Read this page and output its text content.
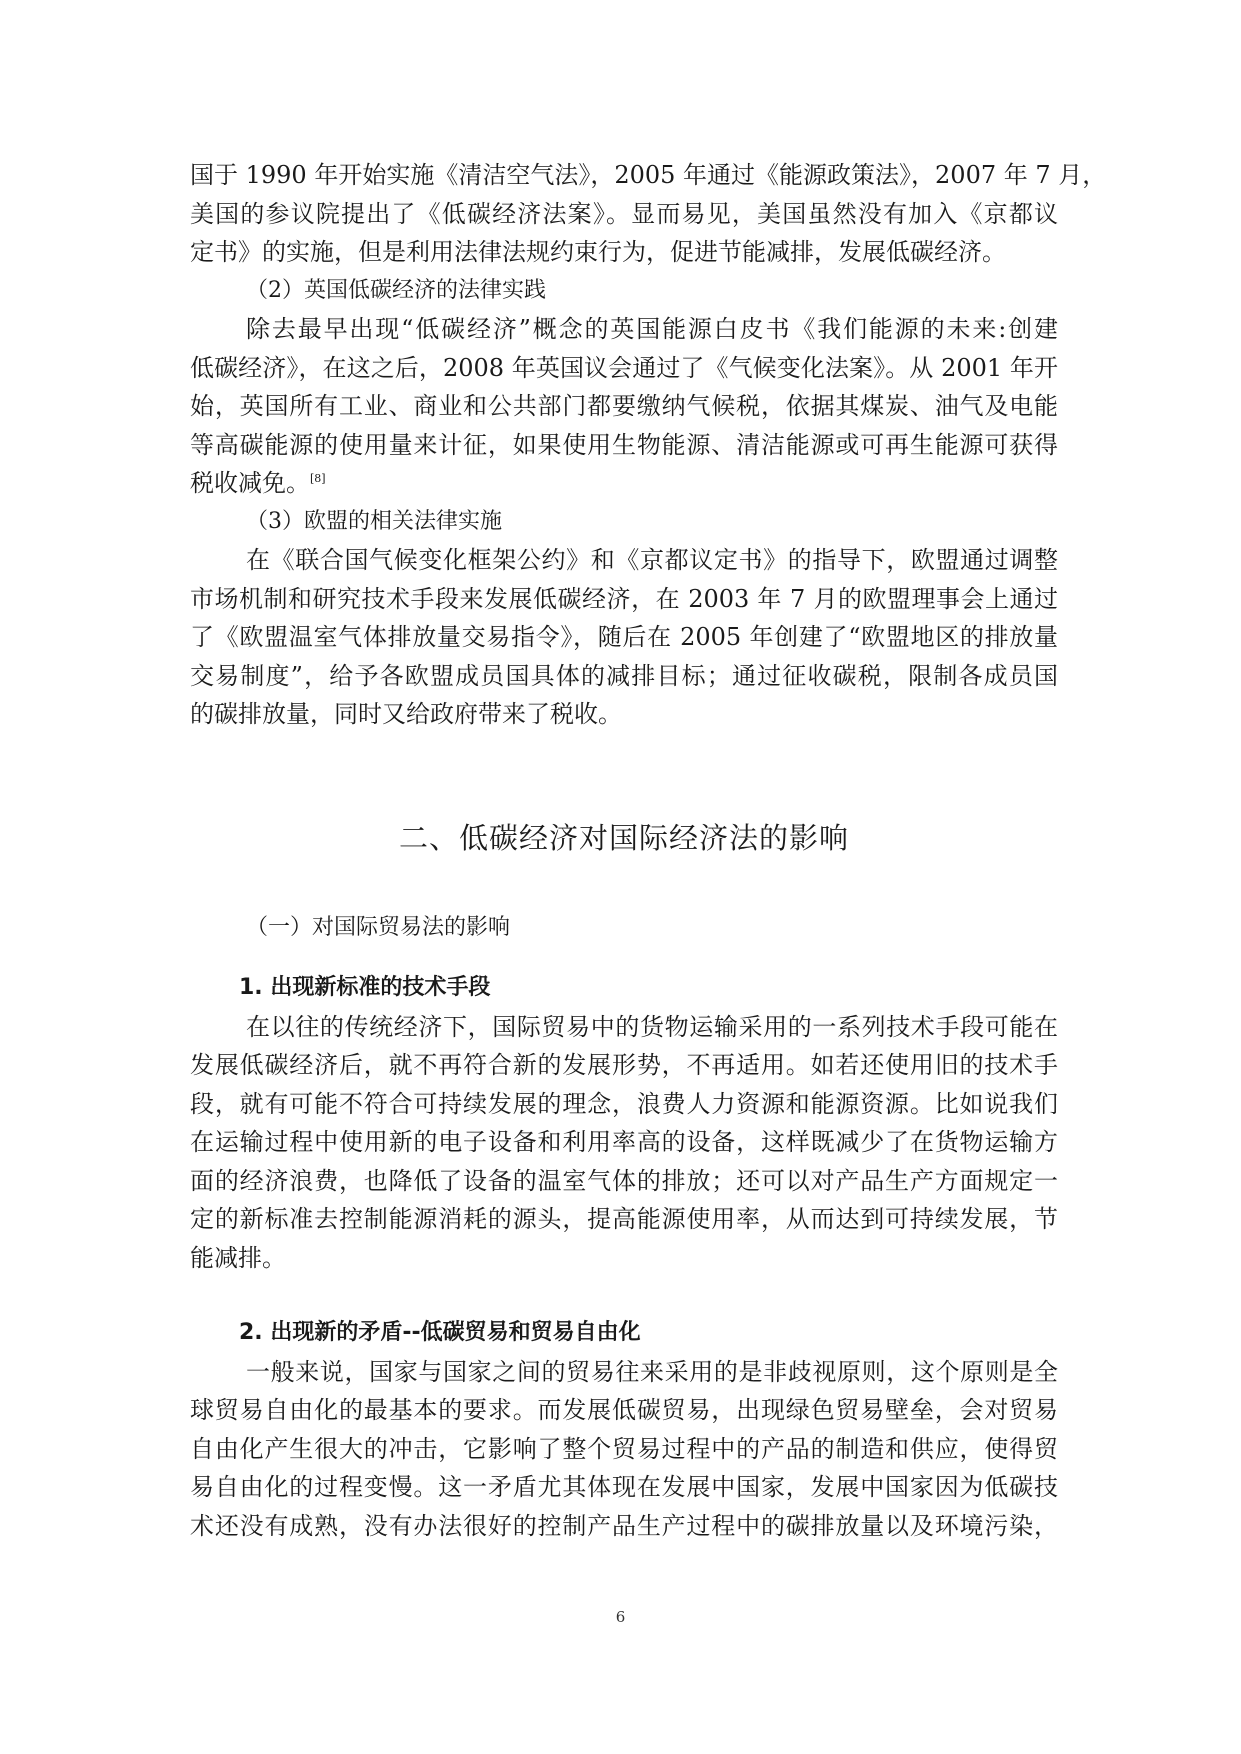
国于 1990 年开始实施《清洁空气法》，2005 年通过《能源政策法》，2007 年 7 月，
美国的参议院提出了《低碳经济法案》。显而易见，美国虽然没有加入《京都议
定书》的实施，但是利用法律法规约束行为，促进节能减排，发展低碳经济。
（2）英国低碳经济的法律实践
除去最早出现“低碳经济”概念的英国能源白皮书《我们能源的未来:创建
低碳经济》，在这之后，2008 年英国议会通过了《气候变化法案》。从 2001 年开
始，英国所有工业、商业和公共部门都要缴纳气候税，依据其煤炭、油气及电能
等高碳能源的使用量来计征，如果使用生物能源、清洁能源或可再生能源可获得
税收减免。[8]
（3）欧盟的相关法律实施
在《联合国气候变化框架公约》和《京都议定书》的指导下，欧盟通过调整
市场机制和研究技术手段来发展低碳经济，在 2003 年 7 月的欧盟理事会上通过
了《欧盟温室气体排放量交易指令》，随后在 2005 年创建了“欧盟地区的排放量
交易制度”，给予各欧盟成员国具体的减排目标；通过征收碳税，限制各成员国
的碳排放量，同时又给政府带来了税收。
二、低碳经济对国际经济法的影响
（一）对国际贸易法的影响
1. 出现新标准的技术手段
在以往的传统经济下，国际贸易中的货物运输采用的一系列技术手段可能在
发展低碳经济后，就不再符合新的发展形势，不再适用。如若还使用旧的技术手
段，就有可能不符合可持续发展的理念，浪费人力资源和能源资源。比如说我们
在运输过程中使用新的电子设备和利用率高的设备，这样既减少了在货物运输方
面的经济浪费，也降低了设备的温室气体的排放；还可以对产品生产方面规定一
定的新标准去控制能源消耗的源头，提高能源使用率，从而达到可持续发展，节
能减排。
2. 出现新的矛盾--低碳贸易和贸易自由化
一般来说，国家与国家之间的贸易往来采用的是非歧视原则，这个原则是全
球贸易自由化的最基本的要求。而发展低碳贸易，出现绿色贸易壁垒，会对贸易
自由化产生很大的冲击，它影响了整个贸易过程中的产品的制造和供应，使得贸
易自由化的过程变慢。这一矛盾尤其体现在发展中国家，发展中国家因为低碳技
术还没有成熟，没有办法很好的控制产品生产过程中的碳排放量以及环境污染，
6
